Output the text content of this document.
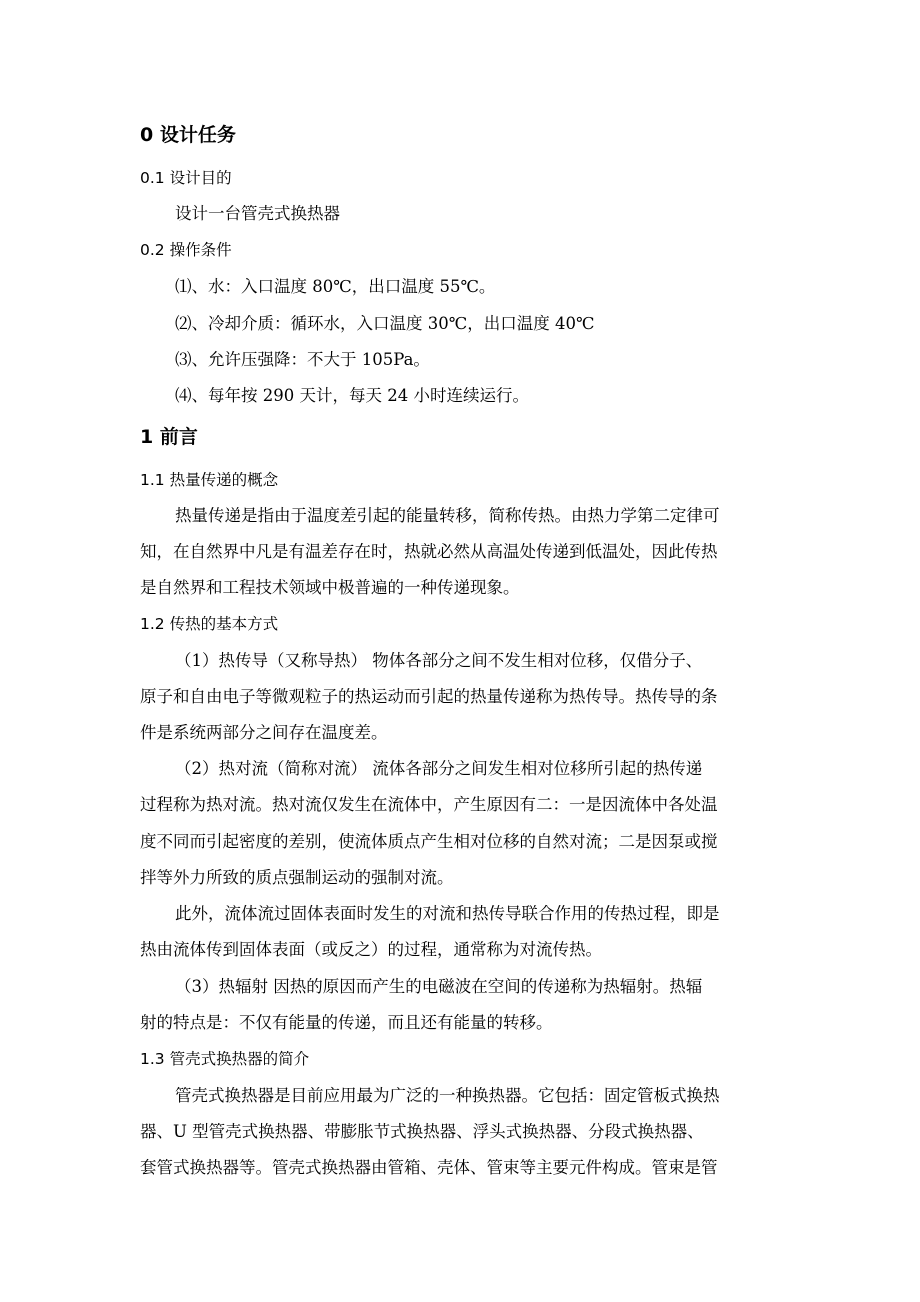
0 设计任务
0.1 设计目的
设计一台管壳式换热器
0.2 操作条件
⑴、水：入口温度 80℃，出口温度 55℃。
⑵、冷却介质：循环水，入口温度 30℃，出口温度 40℃
⑶、允许压强降：不大于 105Pa。
⑷、每年按 290 天计，每天 24 小时连续运行。
1 前言
1.1 热量传递的概念
热量传递是指由于温度差引起的能量转移，简称传热。由热力学第二定律可
知，在自然界中凡是有温差存在时，热就必然从高温处传递到低温处，因此传热
是自然界和工程技术领域中极普遍的一种传递现象。
1.2 传热的基本方式
（1）热传导（又称导热） 物体各部分之间不发生相对位移，仅借分子、
原子和自由电子等微观粒子的热运动而引起的热量传递称为热传导。热传导的条
件是系统两部分之间存在温度差。
（2）热对流（简称对流） 流体各部分之间发生相对位移所引起的热传递
过程称为热对流。热对流仅发生在流体中，产生原因有二：一是因流体中各处温
度不同而引起密度的差别，使流体质点产生相对位移的自然对流；二是因泵或搅
拌等外力所致的质点强制运动的强制对流。
此外，流体流过固体表面时发生的对流和热传导联合作用的传热过程，即是
热由流体传到固体表面（或反之）的过程，通常称为对流传热。
（3）热辐射 因热的原因而产生的电磁波在空间的传递称为热辐射。热辐
射的特点是：不仅有能量的传递，而且还有能量的转移。
1.3 管壳式换热器的简介
管壳式换热器是目前应用最为广泛的一种换热器。它包括：固定管板式换热
器、U 型管壳式换热器、带膨胀节式换热器、浮头式换热器、分段式换热器、
套管式换热器等。管壳式换热器由管箱、壳体、管束等主要元件构成。管束是管
